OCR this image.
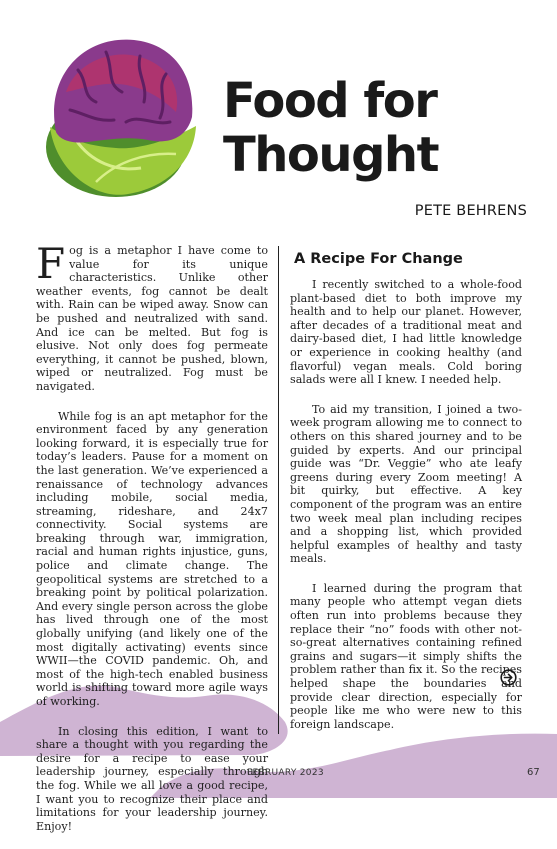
Food for
Thought

PETE BEHRENS

Fog is a metaphor I have come to value for its unique characteristics. Unlike other weather events, fog cannot be dealt with. Rain can be wiped away. Snow can be pushed and neutralized with sand. And ice can be melted. But fog is elusive. Not only does fog permeate everything, it cannot be pushed, blown, wiped or neutralized. Fog must be navigated.

While fog is an apt metaphor for the environment faced by any generation looking forward, it is especially true for today’s leaders. Pause for a moment on the last generation. We’ve experienced a renaissance of technology advances including mobile, social media, streaming, rideshare, and 24x7 connectivity. Social systems are breaking through war, immigration, racial and human rights injustice, guns, police and climate change. The geopolitical systems are stretched to a breaking point by political polarization. And every single person across the globe has lived through one of the most globally unifying (and likely one of the most digitally activating) events since WWII—the COVID pandemic. Oh, and most of the high-tech enabled business world is shifting toward more agile ways of working.

In closing this edition, I want to share a thought with you regarding the desire for a recipe to ease your leadership journey, especially through the fog. While we all love a good recipe, I want you to recognize their place and limitations for your leadership journey. Enjoy!

A Recipe For Change

I recently switched to a whole-food plant-based diet to both improve my health and to help our planet. However, after decades of a traditional meat and dairy-based diet, I had little knowledge or experience in cooking healthy (and flavorful) vegan meals. Cold boring salads were all I knew. I needed help.

To aid my transition, I joined a two-week program allowing me to connect to others on this shared journey and to be guided by experts. And our principal guide was “Dr. Veggie” who ate leafy greens during every Zoom meeting! A bit quirky, but effective. A key component of the program was an entire two week meal plan including recipes and a shopping list, which provided helpful examples of healthy and tasty meals.

I learned during the program that many people who attempt vegan diets often run into problems because they replace their “no” foods with other not-so-great alternatives containing refined grains and sugars—it simply shifts the problem rather than fix it. So the recipes helped shape the boundaries and provide clear direction, especially for people like me who were new to this foreign landscape.

FEBRUARY 2023	67
